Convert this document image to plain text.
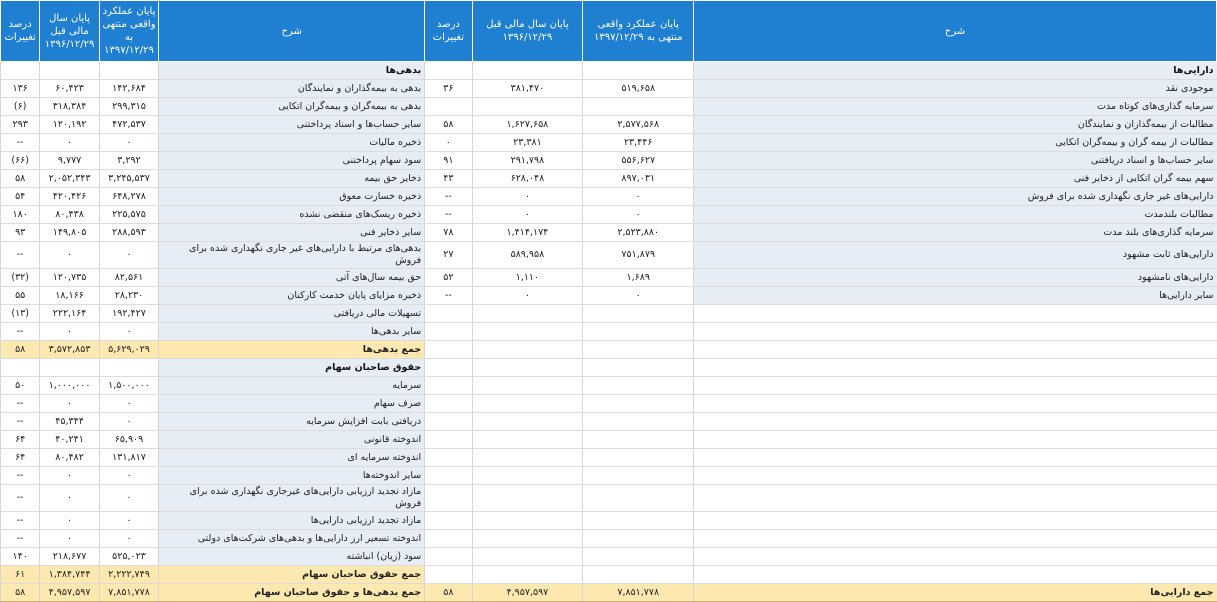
شرح	پایان عملکرد واقعی منتهی به ۱۳۹۷/۱۲/۲۹	پایان سال مالی قبل ۱۳۹۶/۱۲/۲۹	درصد تغییرات	شرح	پایان عملکرد واقعی منتهی به ۱۳۹۷/۱۲/۲۹	پایان سال مالی قبل ۱۳۹۶/۱۲/۲۹	درصد تغییرات
دارایی‌ها				بدهی‌ها			
موجودی نقد	۵۱۹,۶۵۸	۳۸۱,۴۷۰	۳۶	بدهی به بیمه‌گذاران و نمایندگان	۱۴۲,۶۸۴	۶۰,۴۲۳	۱۳۶
سرمایه گذاری‌های کوتاه مدت				بدهی به بیمه‌گران و بیمه‌گران اتکایی	۲۹۹,۳۱۵	۳۱۸,۳۸۴	(۶)
مطالبات از بیمه‌گذاران و نمایندگان	۲,۵۷۷,۵۶۸	۱,۶۲۷,۶۵۸	۵۸	سایر حساب‌ها و اسناد پرداختنی	۴۷۲,۵۳۷	۱۲۰,۱۹۲	۲۹۳
مطالبات از بیمه گران و بیمه‌گران اتکایی	۲۳,۴۴۶	۲۳,۳۸۱	۰	ذخیره مالیات	۰	۰	--
سایر حساب‌ها و اسناد دریافتنی	۵۵۶,۶۲۷	۲۹۱,۷۹۸	۹۱	سود سهام پرداختنی	۳,۲۹۲	۹,۷۷۷	(۶۶)
سهم بیمه گران اتکایی از ذخایر فنی	۸۹۷,۰۳۱	۶۲۸,۰۴۸	۴۳	ذخایر حق بیمه	۳,۲۴۵,۵۳۷	۲,۰۵۲,۳۴۳	۵۸
دارایی‌های غیر جاری نگهداری شده برای فروش	۰	۰	--	ذخیره خسارت معوق	۶۴۸,۲۷۸	۴۲۰,۴۲۶	۵۴
مطالبات بلندمدت	۰	۰	--	ذخیره ریسک‌های منقضی نشده	۲۲۵,۵۷۵	۸۰,۴۳۸	۱۸۰
سرمایه گذاری‌های بلند مدت	۲,۵۲۳,۸۸۰	۱,۴۱۴,۱۷۴	۷۸	سایر ذخایر فنی	۲۸۸,۵۹۳	۱۴۹,۸۰۵	۹۳
دارایی‌های ثابت مشهود	۷۵۱,۸۷۹	۵۸۹,۹۵۸	۲۷	بدهی‌های مرتبط با دارایی‌های غیر جاری نگهداری شده برای فروش	۰	۰	--
دارایی‌های نامشهود	۱,۶۸۹	۱,۱۱۰	۵۲	حق بیمه سال‌های آتی	۸۲,۵۶۱	۱۲۰,۷۳۵	(۳۲)
سایر دارایی‌ها	۰	۰	--	ذخیره مزایای پایان خدمت کارکنان	۲۸,۲۳۰	۱۸,۱۶۶	۵۵
				تسهیلات مالی دریافتی	۱۹۲,۴۲۷	۲۲۲,۱۶۴	(۱۳)
				سایر بدهی‌ها	۰	۰	--
				جمع بدهی‌ها	۵,۶۲۹,۰۲۹	۳,۵۷۲,۸۵۳	۵۸
				حقوق صاحبان سهام			
				سرمایه	۱,۵۰۰,۰۰۰	۱,۰۰۰,۰۰۰	۵۰
				صرف سهام	۰	۰	--
				دریافتی بابت افزایش سرمایه	۰	۴۵,۳۴۴	--
				اندوخته قانونی	۶۵,۹۰۹	۴۰,۲۴۱	۶۴
				اندوخته سرمایه ای	۱۳۱,۸۱۷	۸۰,۴۸۲	۶۴
				سایر اندوخته‌ها	۰	۰	--
				مازاد تجدید ارزیابی دارایی‌های غیرجاری نگهداری شده برای فروش	۰	۰	--
				مازاد تجدید ارزیابی دارایی‌ها	۰	۰	--
				اندوخته تسعیر ارز دارایی‌ها و بدهی‌های شرکت‌های دولتی	۰	۰	--
				سود (زیان) انباشته	۵۲۵,۰۲۳	۲۱۸,۶۷۷	۱۴۰
				جمع حقوق صاحبان سهام	۲,۲۲۲,۷۴۹	۱,۳۸۴,۷۴۴	۶۱
جمع دارایی‌ها	۷,۸۵۱,۷۷۸	۴,۹۵۷,۵۹۷	۵۸	جمع بدهی‌ها و حقوق صاحبان سهام	۷,۸۵۱,۷۷۸	۴,۹۵۷,۵۹۷	۵۸
